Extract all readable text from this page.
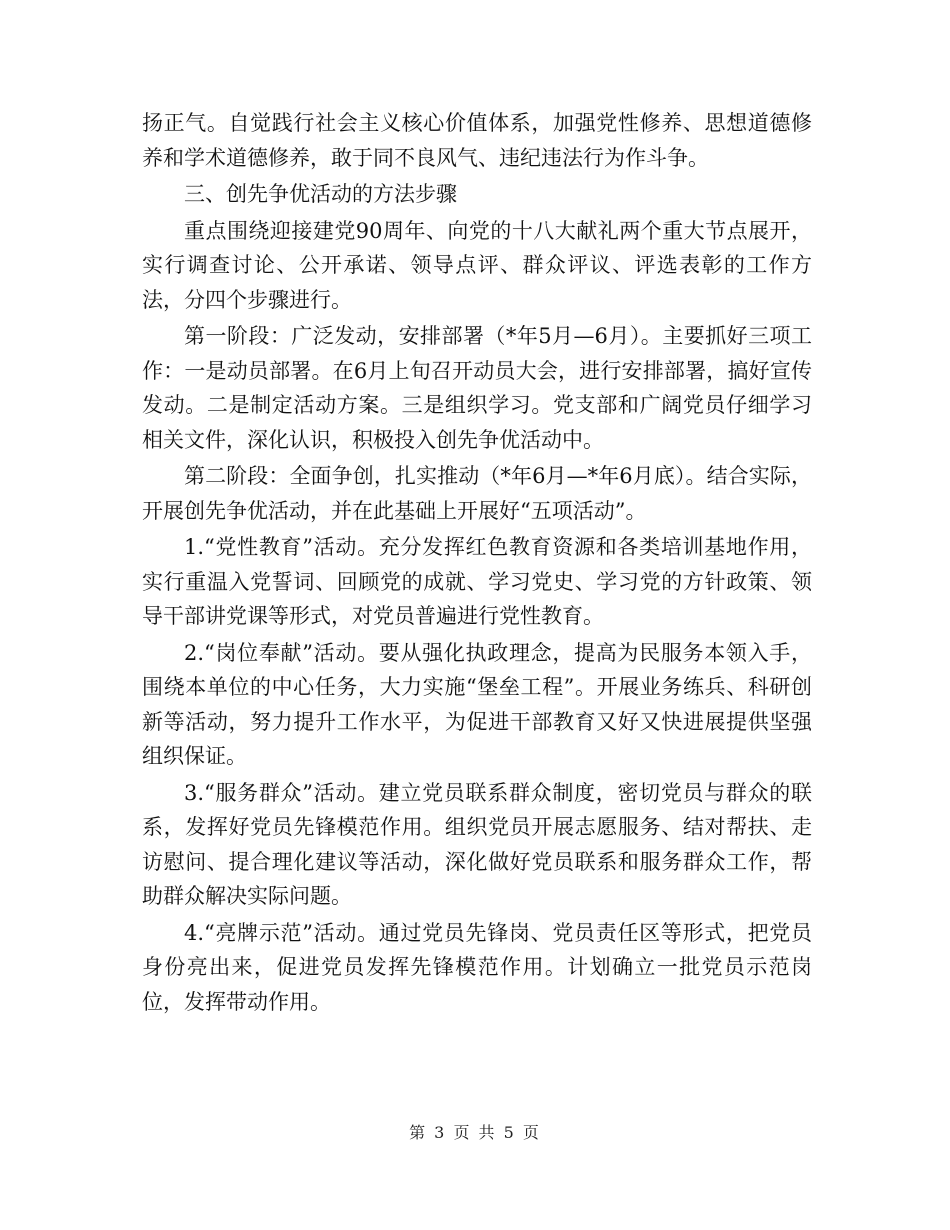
扬正气。自觉践行社会主义核心价值体系，加强党性修养、思想道德修养和学术道德修养，敢于同不良风气、违纪违法行为作斗争。

三、创先争优活动的方法步骤

重点围绕迎接建党90周年、向党的十八大献礼两个重大节点展开，实行调查讨论、公开承诺、领导点评、群众评议、评选表彰的工作方法，分四个步骤进行。

第一阶段：广泛发动，安排部署（*年5月—6月）。主要抓好三项工作：一是动员部署。在6月上旬召开动员大会，进行安排部署，搞好宣传发动。二是制定活动方案。三是组织学习。党支部和广阔党员仔细学习相关文件，深化认识，积极投入创先争优活动中。

第二阶段：全面争创，扎实推动（*年6月—*年6月底）。结合实际，开展创先争优活动，并在此基础上开展好“五项活动”。

1.“党性教育”活动。充分发挥红色教育资源和各类培训基地作用，实行重温入党誓词、回顾党的成就、学习党史、学习党的方针政策、领导干部讲党课等形式，对党员普遍进行党性教育。

2.“岗位奉献”活动。要从强化执政理念，提高为民服务本领入手，围绕本单位的中心任务，大力实施“堡垒工程”。开展业务练兵、科研创新等活动，努力提升工作水平，为促进干部教育又好又快进展提供坚强组织保证。

3.“服务群众”活动。建立党员联系群众制度，密切党员与群众的联系，发挥好党员先锋模范作用。组织党员开展志愿服务、结对帮扶、走访慰问、提合理化建议等活动，深化做好党员联系和服务群众工作，帮助群众解决实际问题。

4.“亮牌示范”活动。通过党员先锋岗、党员责任区等形式，把党员身份亮出来，促进党员发挥先锋模范作用。计划确立一批党员示范岗位，发挥带动作用。

第 3 页 共 5 页
